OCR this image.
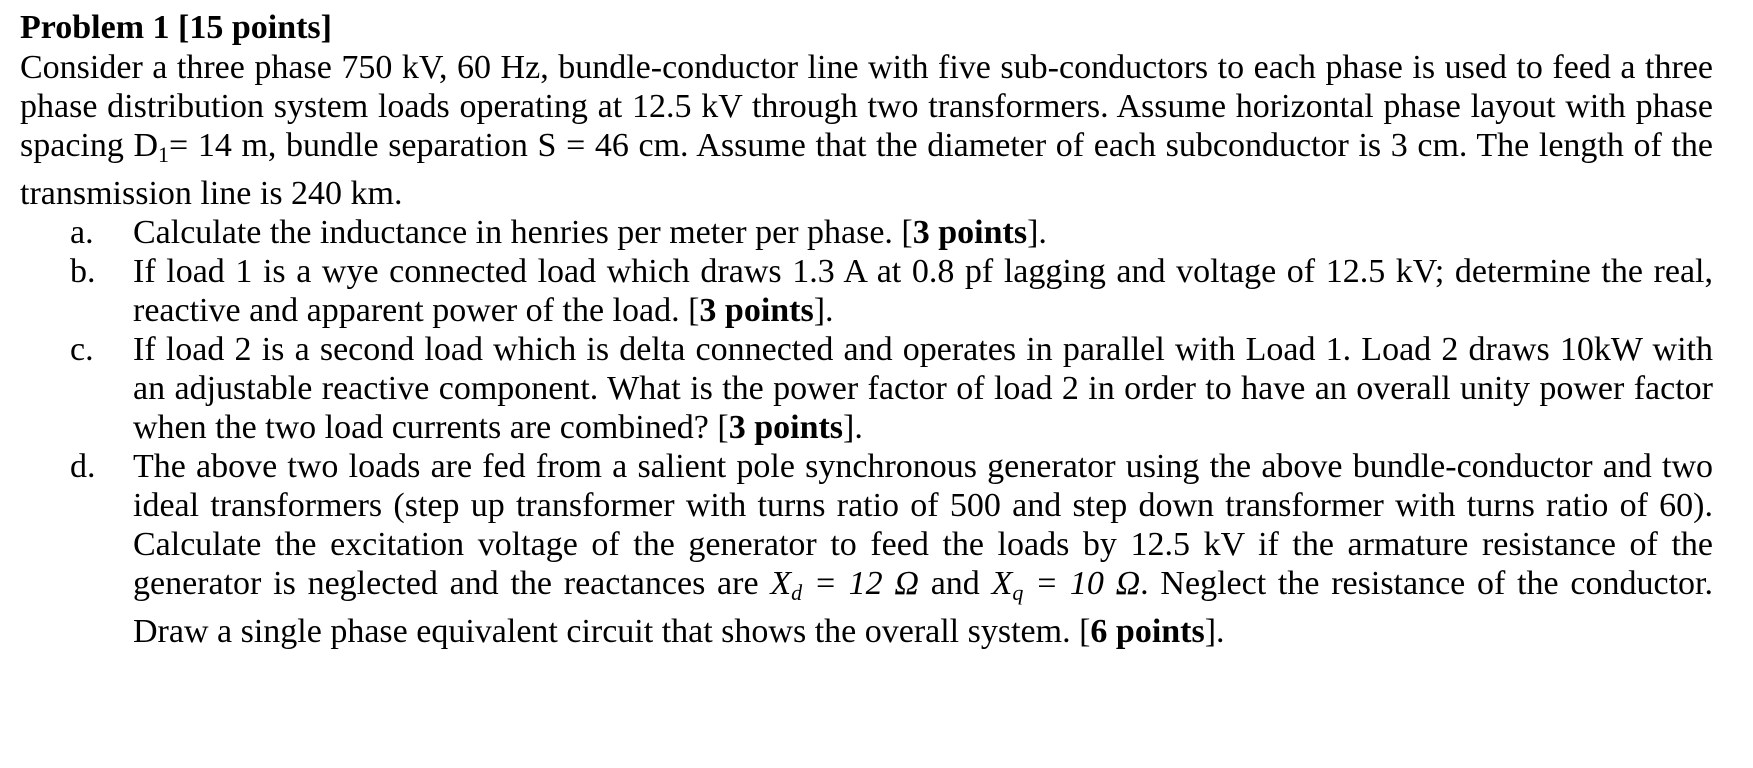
Problem 1 [15 points]

Consider a three phase 750 kV, 60 Hz, bundle-conductor line with five sub-conductors to each phase is used to feed a three phase distribution system loads operating at 12.5 kV through two transformers. Assume horizontal phase layout with phase spacing $D_1= 14$ m, bundle separation S = 46 cm. Assume that the diameter of each subconductor is 3 cm. The length of the transmission line is 240 km.

a. Calculate the inductance in henries per meter per phase. [3 points].
b. If load 1 is a wye connected load which draws 1.3 A at 0.8 pf lagging and voltage of 12.5 kV; determine the real, reactive and apparent power of the load. [3 points].
c. If load 2 is a second load which is delta connected and operates in parallel with Load 1. Load 2 draws 10kW with an adjustable reactive component. What is the power factor of load 2 in order to have an overall unity power factor when the two load currents are combined? [3 points].
d. The above two loads are fed from a salient pole synchronous generator using the above bundle-conductor and two ideal transformers (step up transformer with turns ratio of 500 and step down transformer with turns ratio of 60). Calculate the excitation voltage of the generator to feed the loads by 12.5 kV if the armature resistance of the generator is neglected and the reactances are Xd = 12 Ω and Xq = 10 Ω. Neglect the resistance of the conductor. Draw a single phase equivalent circuit that shows the overall system. [6 points].
